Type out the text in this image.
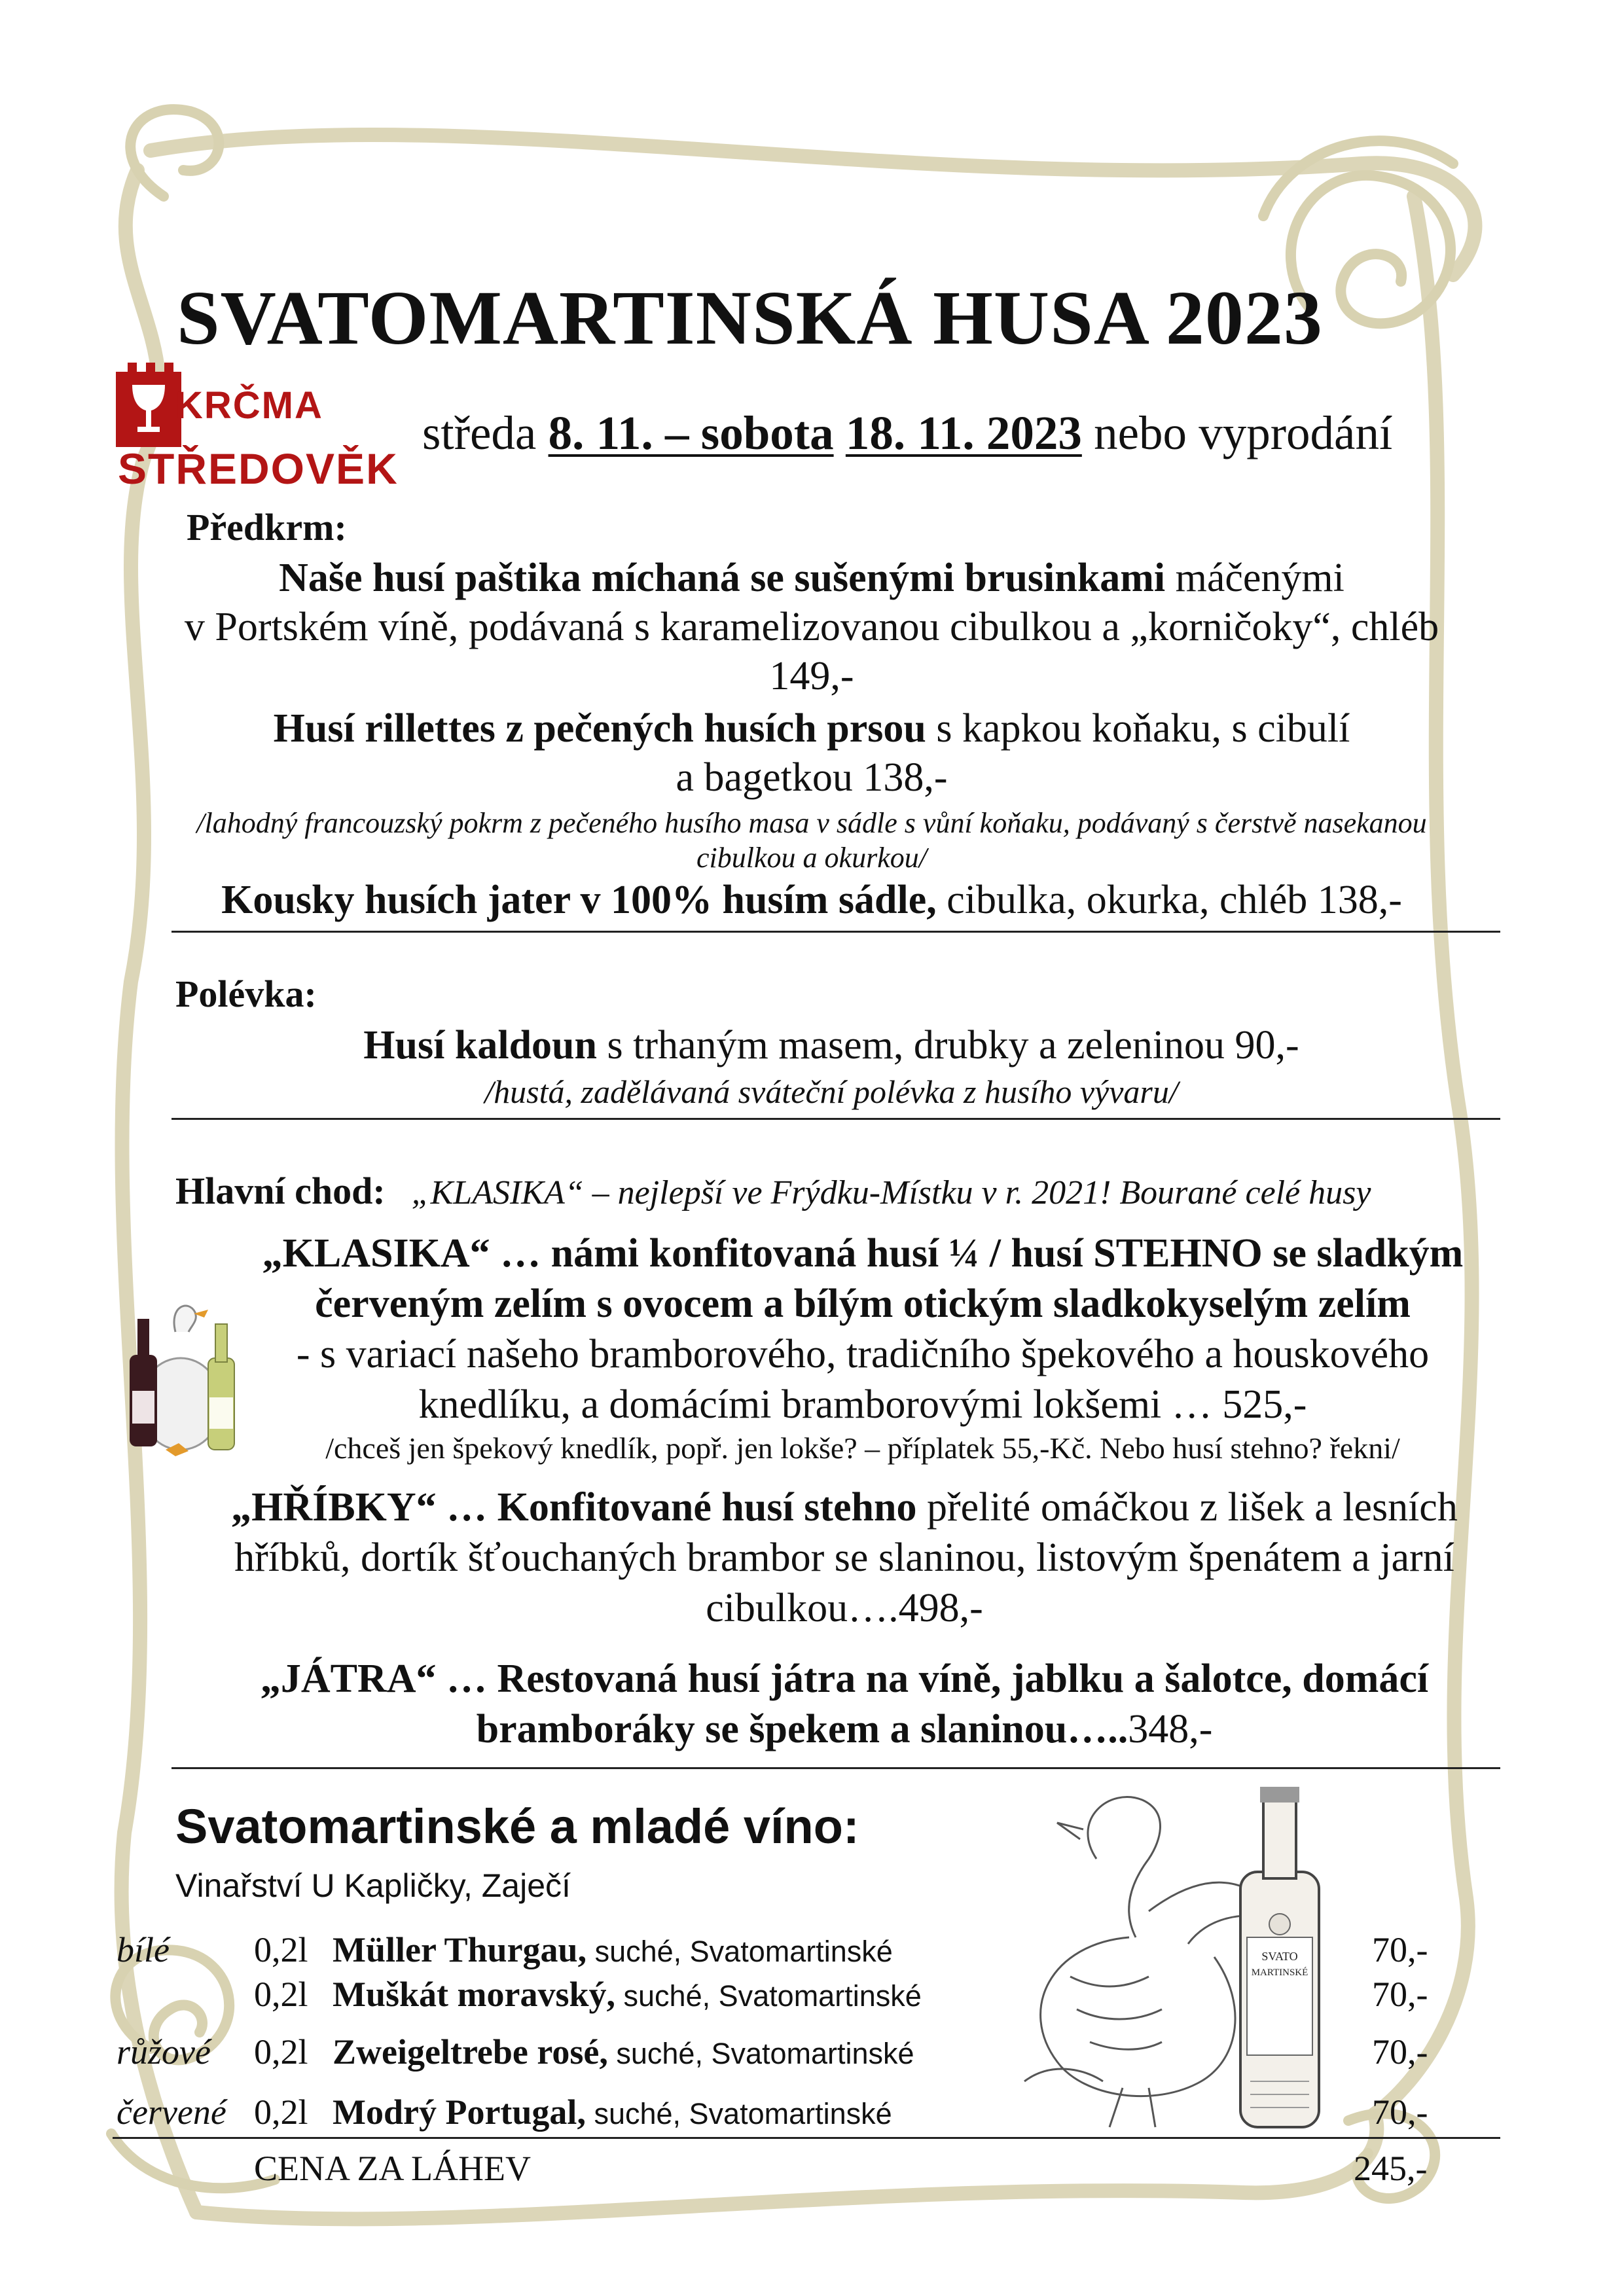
KRČMA
STŘEDOVĚK
SVATOMARTINSKÁ HUSA 2023
středa 8. 11. – sobota 18. 11. 2023 nebo vyprodání
Předkrm:
Naše husí paštika míchaná se sušenými brusinkami máčenými
v Portském víně, podávaná s karamelizovanou cibulkou a „korničoky“, chléb
149,-
Husí rillettes z pečených husích prsou s kapkou koňaku, s cibulí
a bagetkou 138,-
/lahodný francouzský pokrm z pečeného husího masa v sádle s vůní koňaku, podávaný s čerstvě nasekanou
cibulkou a okurkou/
Kousky husích jater v 100% husím sádle, cibulka, okurka, chléb 138,-
Polévka:
Husí kaldoun s trhaným masem, drubky a zeleninou 90,-
/hustá, zadělávaná sváteční polévka z husího vývaru/
Hlavní chod: „KLASIKA“ – nejlepší ve Frýdku-Místku v r. 2021! Bourané celé husy
„KLASIKA“ … námi konfitovaná husí ¼ / husí STEHNO se sladkým
červeným zelím s ovocem a bílým otickým sladkokyselým zelím
- s variací našeho bramborového, tradičního špekového a houskového
knedlíku, a domácími bramborovými lokšemi … 525,-
/chceš jen špekový knedlík, popř. jen lokše? – příplatek 55,-Kč. Nebo husí stehno? řekni/
„HŘÍBKY“ … Konfitované husí stehno přelité omáčkou z lišek a lesních
hříbků, dortík šťouchaných brambor se slaninou, listovým špenátem a jarní
cibulkou….498,-
„JÁTRA“ … Restovaná husí játra na víně, jablku a šalotce, domácí
bramboráky se špekem a slaninou…..348,-
Svatomartinské a mladé víno:
Vinařství U Kapličky, Zaječí
SVATO
MARTINSKÉ
bílé 0,2l Müller Thurgau, suché, Svatomartinské	70,-
0,2l Muškát moravský, suché, Svatomartinské	70,-
růžové 0,2l Zweigeltrebe rosé, suché, Svatomartinské	70,-
červené 0,2l Modrý Portugal, suché, Svatomartinské	70,-
CENA ZA LÁHEV	245,-
